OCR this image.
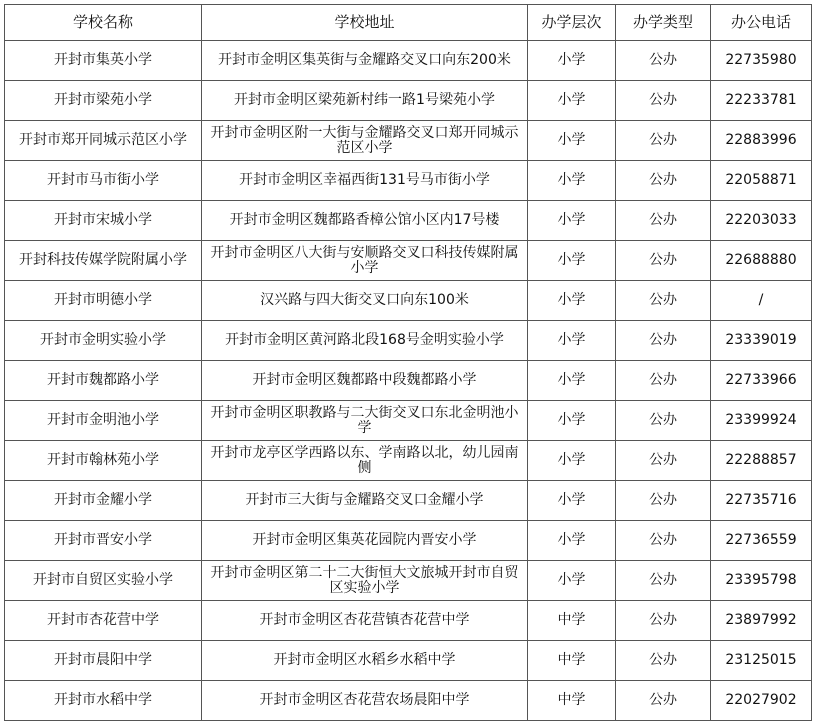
学校名称	学校地址	办学层次	办学类型	办公电话
开封市集英小学	开封市金明区集英街与金耀路交叉口向东200米	小学	公办	22735980
开封市梁苑小学	开封市金明区梁苑新村纬一路1号梁苑小学	小学	公办	22233781
开封市郑开同城示范区小学	开封市金明区附一大街与金耀路交叉口郑开同城示范区小学	小学	公办	22883996
开封市马市街小学	开封市金明区幸福西街131号马市街小学	小学	公办	22058871
开封市宋城小学	开封市金明区魏都路香樟公馆小区内17号楼	小学	公办	22203033
开封科技传媒学院附属小学	开封市金明区八大街与安顺路交叉口科技传媒附属小学	小学	公办	22688880
开封市明德小学	汉兴路与四大街交叉口向东100米	小学	公办	/
开封市金明实验小学	开封市金明区黄河路北段168号金明实验小学	小学	公办	23339019
开封市魏都路小学	开封市金明区魏都路中段魏都路小学	小学	公办	22733966
开封市金明池小学	开封市金明区职教路与二大街交叉口东北金明池小学	小学	公办	23399924
开封市翰林苑小学	开封市龙亭区学西路以东、学南路以北，幼儿园南侧	小学	公办	22288857
开封市金耀小学	开封市三大街与金耀路交叉口金耀小学	小学	公办	22735716
开封市晋安小学	开封市金明区集英花园院内晋安小学	小学	公办	22736559
开封市自贸区实验小学	开封市金明区第二十二大街恒大文旅城开封市自贸区实验小学	小学	公办	23395798
开封市杏花营中学	开封市金明区杏花营镇杏花营中学	中学	公办	23897992
开封市晨阳中学	开封市金明区水稻乡水稻中学	中学	公办	23125015
开封市水稻中学	开封市金明区杏花营农场晨阳中学	中学	公办	22027902
